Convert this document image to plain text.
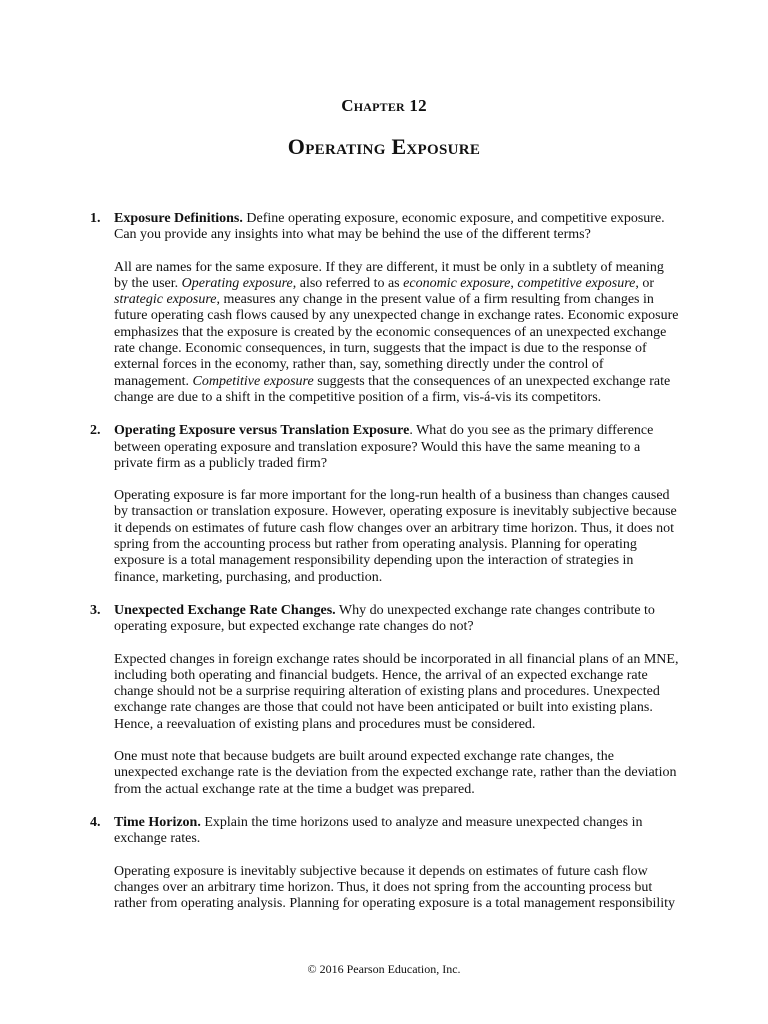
Chapter 12
Operating Exposure
1. Exposure Definitions. Define operating exposure, economic exposure, and competitive exposure. Can you provide any insights into what may be behind the use of the different terms?

All are names for the same exposure. If they are different, it must be only in a subtlety of meaning by the user. Operating exposure, also referred to as economic exposure, competitive exposure, or strategic exposure, measures any change in the present value of a firm resulting from changes in future operating cash flows caused by any unexpected change in exchange rates. Economic exposure emphasizes that the exposure is created by the economic consequences of an unexpected exchange rate change. Economic consequences, in turn, suggests that the impact is due to the response of external forces in the economy, rather than, say, something directly under the control of management. Competitive exposure suggests that the consequences of an unexpected exchange rate change are due to a shift in the competitive position of a firm, vis-á-vis its competitors.

2. Operating Exposure versus Translation Exposure. What do you see as the primary difference between operating exposure and translation exposure? Would this have the same meaning to a private firm as a publicly traded firm?

Operating exposure is far more important for the long-run health of a business than changes caused by transaction or translation exposure. However, operating exposure is inevitably subjective because it depends on estimates of future cash flow changes over an arbitrary time horizon. Thus, it does not spring from the accounting process but rather from operating analysis. Planning for operating exposure is a total management responsibility depending upon the interaction of strategies in finance, marketing, purchasing, and production.

3. Unexpected Exchange Rate Changes. Why do unexpected exchange rate changes contribute to operating exposure, but expected exchange rate changes do not?

Expected changes in foreign exchange rates should be incorporated in all financial plans of an MNE, including both operating and financial budgets. Hence, the arrival of an expected exchange rate change should not be a surprise requiring alteration of existing plans and procedures. Unexpected exchange rate changes are those that could not have been anticipated or built into existing plans. Hence, a reevaluation of existing plans and procedures must be considered.

One must note that because budgets are built around expected exchange rate changes, the unexpected exchange rate is the deviation from the expected exchange rate, rather than the deviation from the actual exchange rate at the time a budget was prepared.

4. Time Horizon. Explain the time horizons used to analyze and measure unexpected changes in exchange rates.

Operating exposure is inevitably subjective because it depends on estimates of future cash flow changes over an arbitrary time horizon. Thus, it does not spring from the accounting process but rather from operating analysis. Planning for operating exposure is a total management responsibility

© 2016 Pearson Education, Inc.
